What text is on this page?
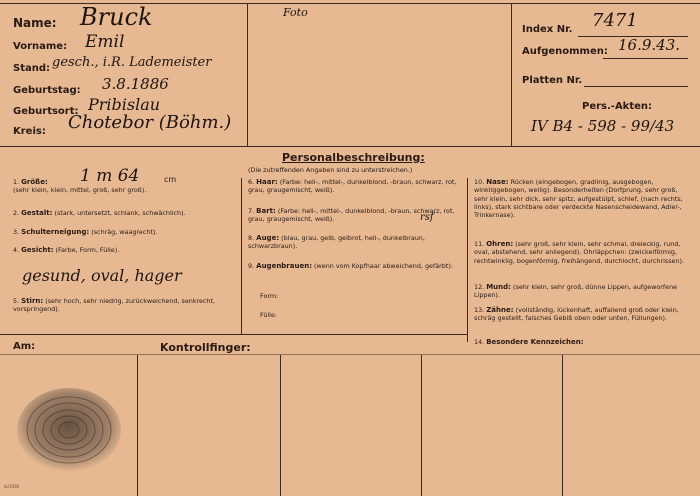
Name: Bruck
Vorname: Emil
Stand: gesch., i.R. Lademeister
Geburtstag: 3.8.1886
Geburtsort: Pribislau
Kreis: Chotebor (Böhm.)
Foto
Index Nr. 7471
Aufgenommen: 16.9.43.
Platten Nr.
Pers.-Akten:
IV B4 - 598 - 99/43
Personalbeschreibung:
(Die zutreffenden Angaben sind zu unterstreichen.)
1. Größe:
(sehr klein, klein, mittel, groß, sehr groß).
1 m 64	cm
2. Gestalt: (stark, untersetzt, schlank, schwächlich).
3. Schulterneigung: (schräg, waagrecht).
4. Gesicht: (Farbe, Form, Fülle).
gesund, oval, hager
5. Stirn: (sehr hoch, sehr niedrig, zurückweichend, senkrecht, vorspringend).
6. Haar: (Farbe: hell-, mittel-, dunkelblond, -braun, schwarz, rot, grau, graugemischt, weiß).
7. Bart: (Farbe: hell-, mittel-, dunkelblond, -braun, schwarz, rot, grau, graugemischt, weiß).	rsf
8. Auge: (blau, grau, gelb, gelbrot, hell-, dunkelbraun, schwarzbraun).
9. Augenbrauen: (wenn vom Kopfhaar abweichend, gefärbt):
Form:
Fülle:
10. Nase: Rücken (eingebogen, gradlinig, ausgebogen, winkliggebogen, wellig). Besonderheiten (Dorfprung, sehr groß, sehr klein, sehr dick, sehr spitz, aufgestülpt, schief, (nach rechts, links), stark sichtbare oder verdeckte Nasenscheidewand, Adler-, Trinkernase).
11. Ohren: (sehr groß, sehr klein, sehr schmal, dreieckig, rund, oval, abstehend, sehr anliegend). Ohrläppchen: (zwickelförmig, rechtwinklig, bogenförmig, freihängend, durchlocht, durchrissen).
12. Mund: (sehr klein, sehr groß, dünne Lippen, aufgeworfene Lippen).
13. Zähne: (vollständig, lückenhaft, auffallend groß oder klein, schräg gestellt, falsches Gebiß oben oder unten, Füllungen).
14. Besondere Kennzeichen:
Am:	Kontrollfinger:
Ia/1936
